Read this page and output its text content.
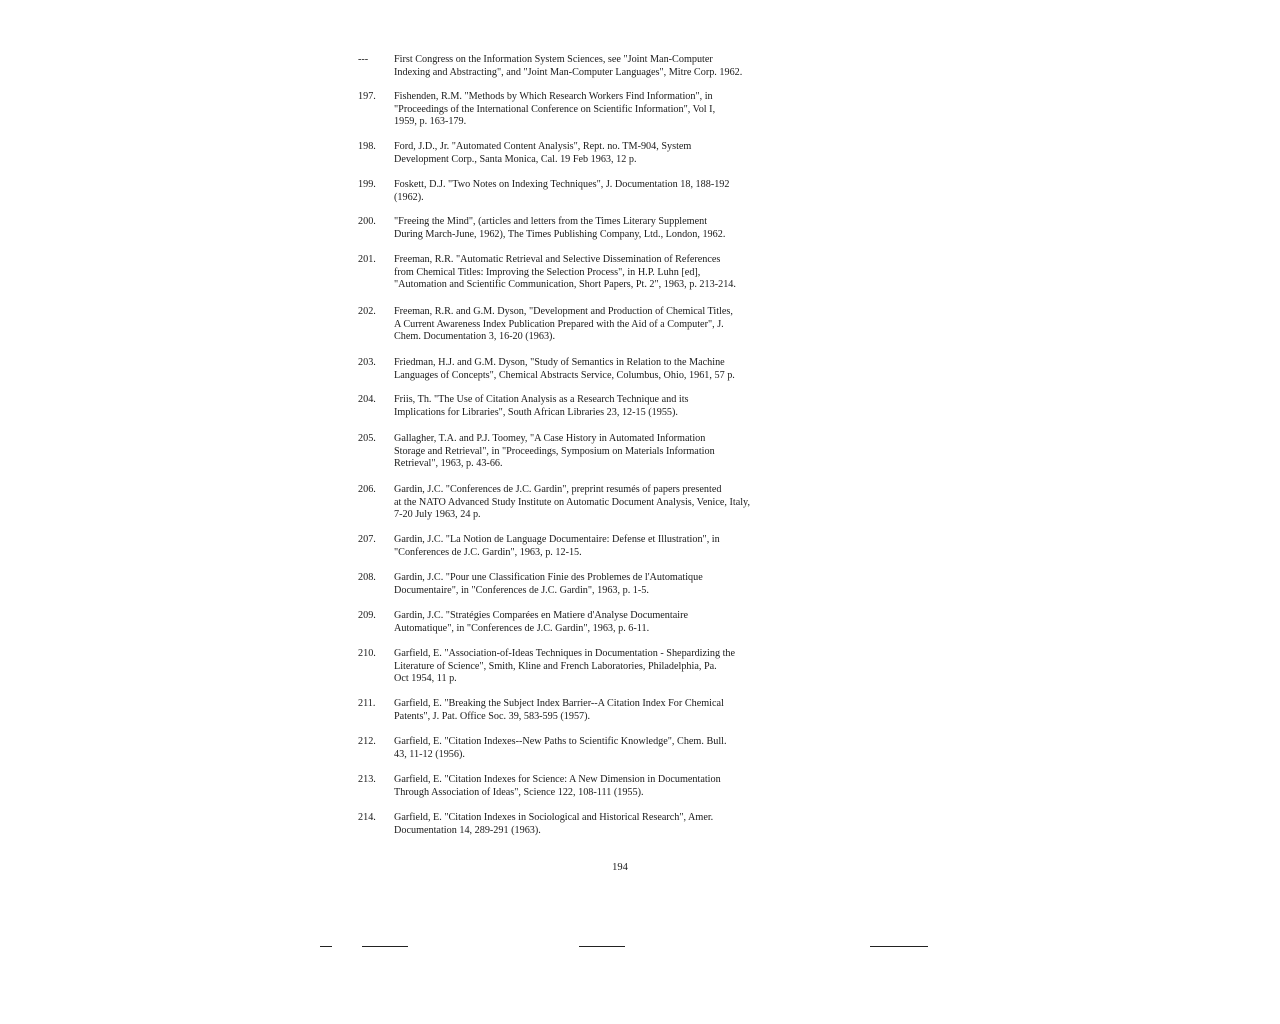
---	First Congress on the Information System Sciences, see "Joint Man-Computer
Indexing and Abstracting", and "Joint Man-Computer Languages", Mitre Corp. 1962.
197.	Fishenden, R.M. "Methods by Which Research Workers Find Information", in
"Proceedings of the International Conference on Scientific Information", Vol I,
1959, p. 163-179.
198.	Ford, J.D., Jr. "Automated Content Analysis", Rept. no. TM-904, System
Development Corp., Santa Monica, Cal. 19 Feb 1963, 12 p.
199.	Foskett, D.J. "Two Notes on Indexing Techniques", J. Documentation 18, 188-192
(1962).
200.	"Freeing the Mind", (articles and letters from the Times Literary Supplement
During March-June, 1962), The Times Publishing Company, Ltd., London, 1962.
201.	Freeman, R.R. "Automatic Retrieval and Selective Dissemination of References
from Chemical Titles: Improving the Selection Process", in H.P. Luhn [ed],
"Automation and Scientific Communication, Short Papers, Pt. 2", 1963, p. 213-214.
202.	Freeman, R.R. and G.M. Dyson, "Development and Production of Chemical Titles,
A Current Awareness Index Publication Prepared with the Aid of a Computer", J.
Chem. Documentation 3, 16-20 (1963).
203.	Friedman, H.J. and G.M. Dyson, "Study of Semantics in Relation to the Machine
Languages of Concepts", Chemical Abstracts Service, Columbus, Ohio, 1961, 57 p.
204.	Friis, Th. "The Use of Citation Analysis as a Research Technique and its
Implications for Libraries", South African Libraries 23, 12-15 (1955).
205.	Gallagher, T.A. and P.J. Toomey, "A Case History in Automated Information
Storage and Retrieval", in "Proceedings, Symposium on Materials Information
Retrieval", 1963, p. 43-66.
206.	Gardin, J.C. "Conferences de J.C. Gardin", preprint resumés of papers presented
at the NATO Advanced Study Institute on Automatic Document Analysis, Venice, Italy,
7-20 July 1963, 24 p.
207.	Gardin, J.C. "La Notion de Language Documentaire: Defense et Illustration", in
"Conferences de J.C. Gardin", 1963, p. 12-15.
208.	Gardin, J.C. "Pour une Classification Finie des Problemes de l'Automatique
Documentaire", in "Conferences de J.C. Gardin", 1963, p. 1-5.
209.	Gardin, J.C. "Stratégies Comparées en Matiere d'Analyse Documentaire
Automatique", in "Conferences de J.C. Gardin", 1963, p. 6-11.
210.	Garfield, E. "Association-of-Ideas Techniques in Documentation - Shepardizing the
Literature of Science", Smith, Kline and French Laboratories, Philadelphia, Pa.
Oct 1954, 11 p.
211.	Garfield, E. "Breaking the Subject Index Barrier--A Citation Index For Chemical
Patents", J. Pat. Office Soc. 39, 583-595 (1957).
212.	Garfield, E. "Citation Indexes--New Paths to Scientific Knowledge", Chem. Bull.
43, 11-12 (1956).
213.	Garfield, E. "Citation Indexes for Science: A New Dimension in Documentation
Through Association of Ideas", Science 122, 108-111 (1955).
214.	Garfield, E. "Citation Indexes in Sociological and Historical Research", Amer.
Documentation 14, 289-291 (1963).
194
